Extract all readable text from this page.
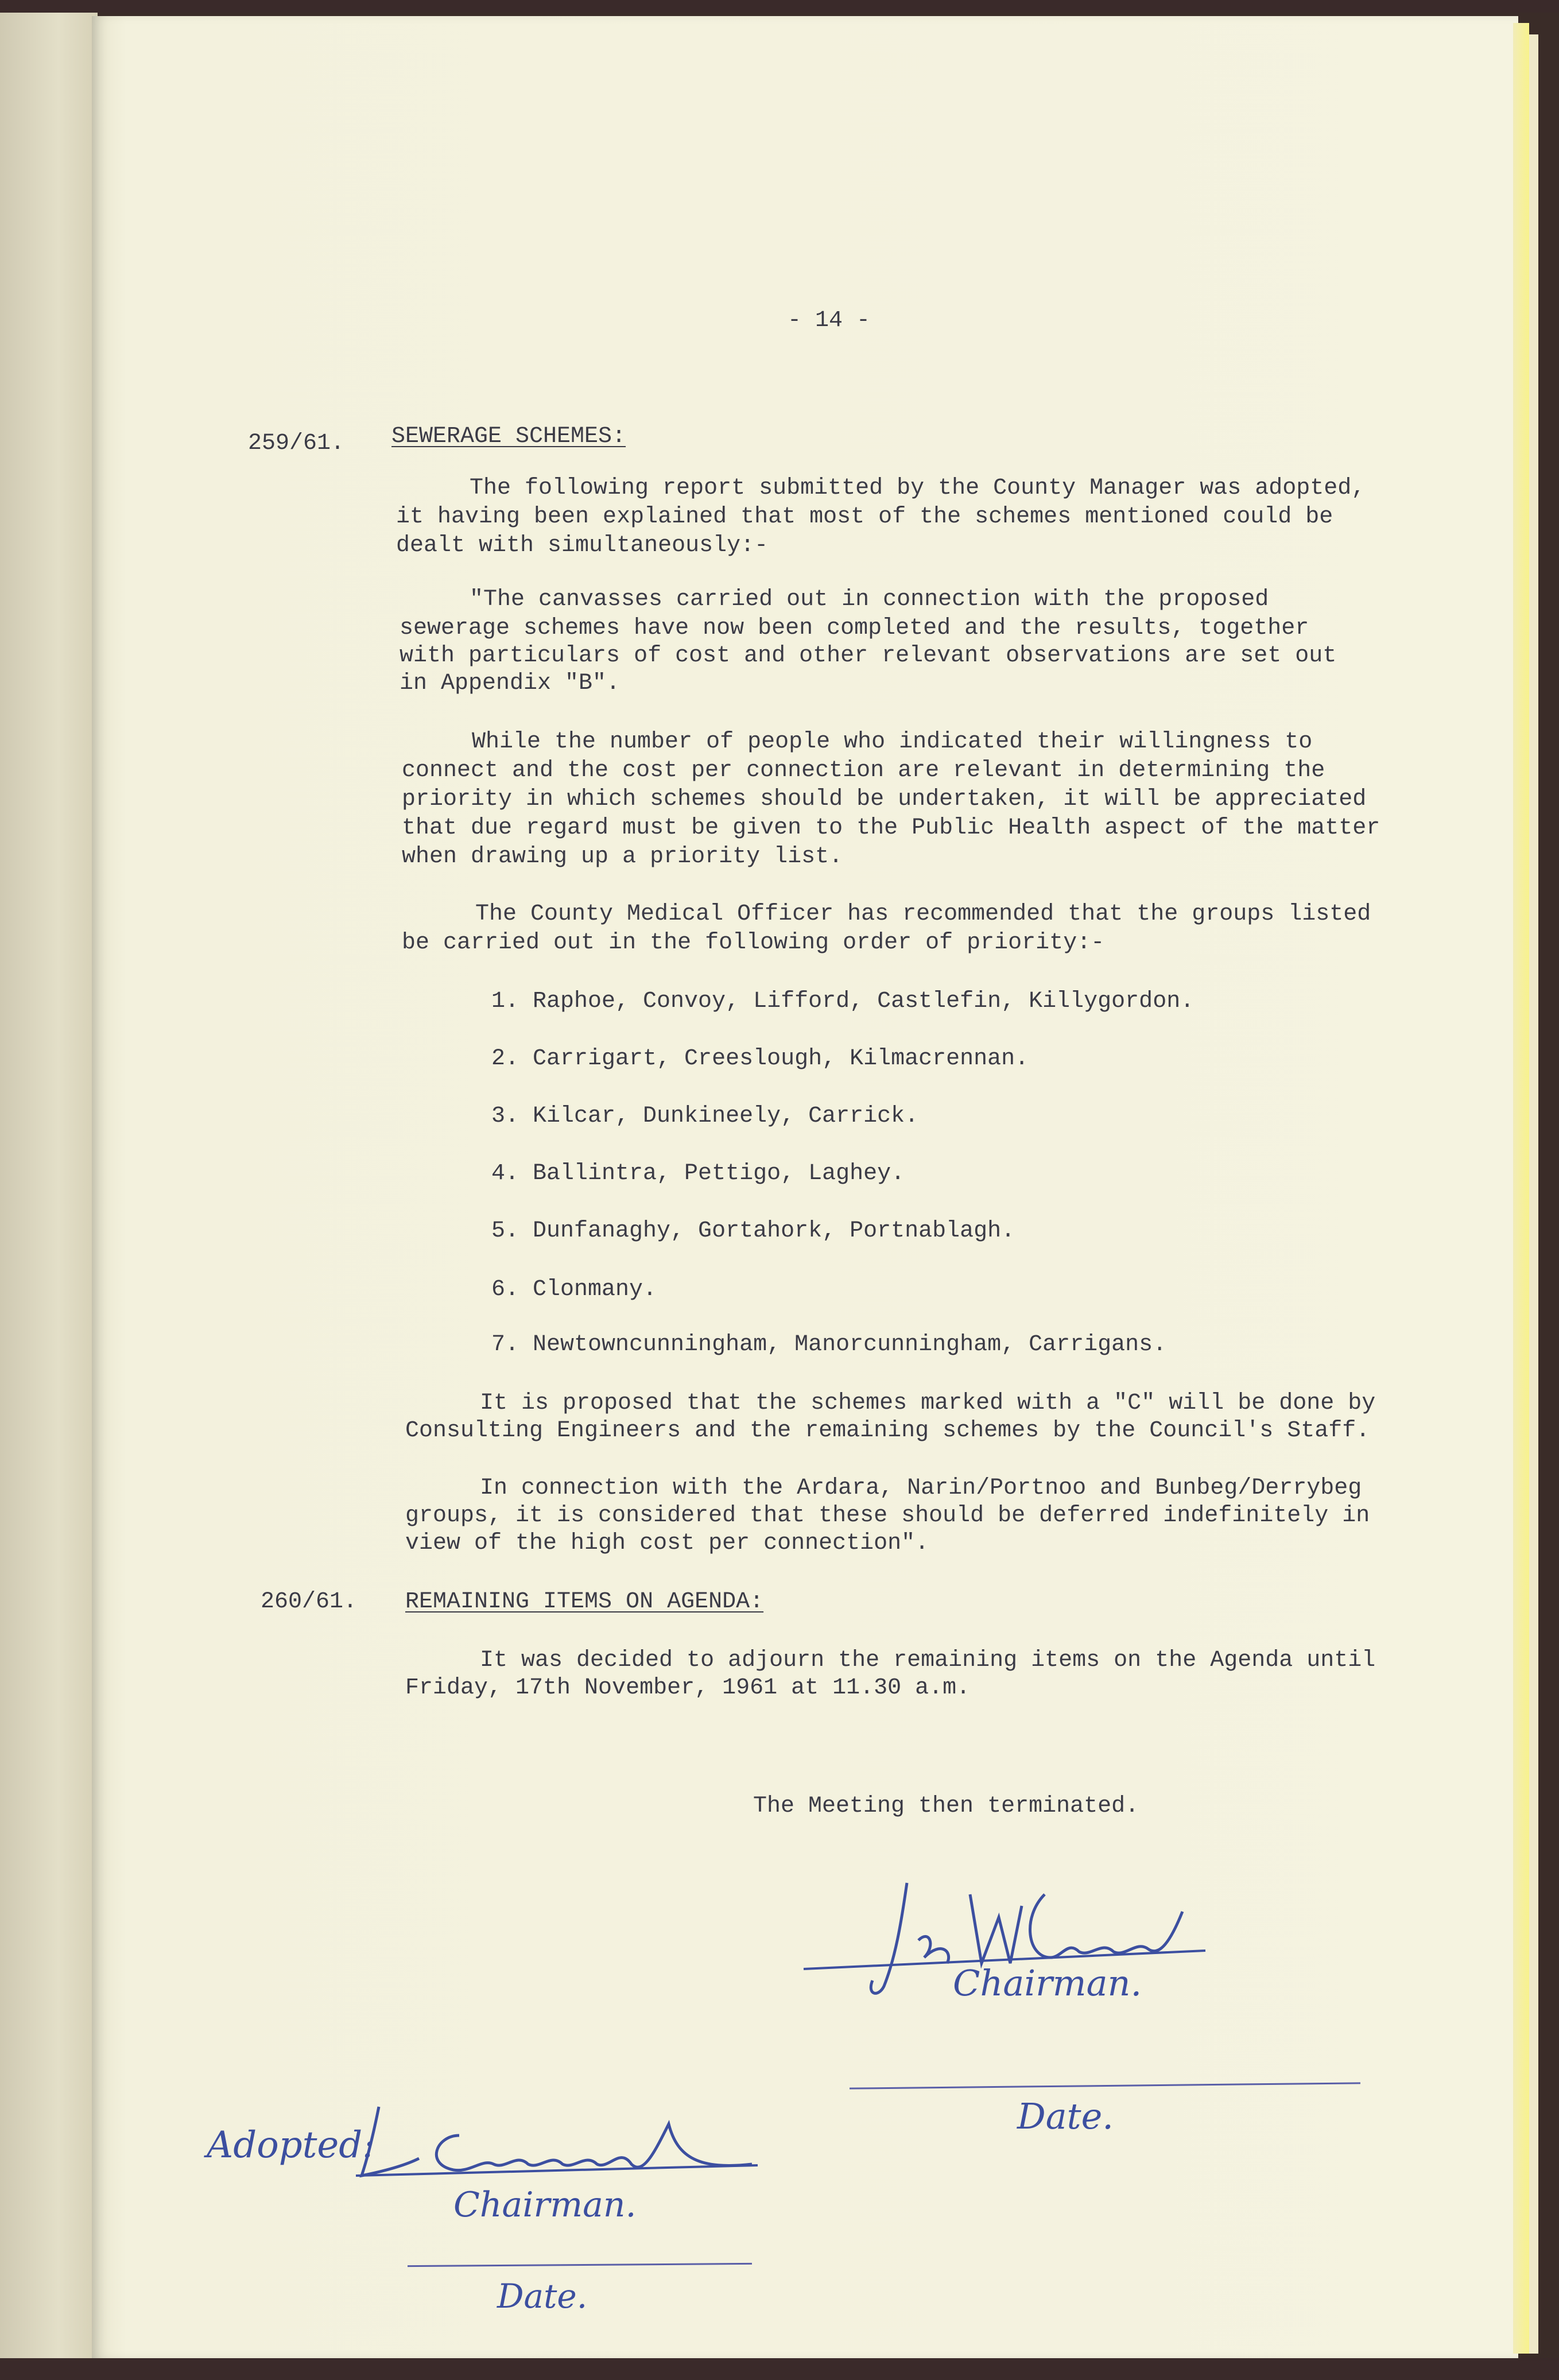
- 14 -

259/61. SEWERAGE SCHEMES:

The following report submitted by the County Manager was adopted,

it having been explained that most of the schemes mentioned could be

dealt with simultaneously:-

"The canvasses carried out in connection with the proposed

sewerage schemes have now been completed and the results, together

with particulars of cost and other relevant observations are set out

in Appendix "B".

While the number of people who indicated their willingness to

connect and the cost per connection are relevant in determining the

priority in which schemes should be undertaken, it will be appreciated

that due regard must be given to the Public Health aspect of the matter

when drawing up a priority list.

The County Medical Officer has recommended that the groups listed

be carried out in the following order of priority:-

1. Raphoe, Convoy, Lifford, Castlefin, Killygordon.

2. Carrigart, Creeslough, Kilmacrennan.

3. Kilcar, Dunkineely, Carrick.

4. Ballintra, Pettigo, Laghey.

5. Dunfanaghy, Gortahork, Portnablagh.

6. Clonmany.

7. Newtowncunningham, Manorcunningham, Carrigans.

It is proposed that the schemes marked with a "C" will be done by

Consulting Engineers and the remaining schemes by the Council's Staff.

In connection with the Ardara, Narin/Portnoo and Bunbeg/Derrybeg

groups, it is considered that these should be deferred indefinitely in

view of the high cost per connection".

260/61. REMAINING ITEMS ON AGENDA:

It was decided to adjourn the remaining items on the Agenda until

Friday, 17th November, 1961 at 11.30 a.m.

The Meeting then terminated.

Chairman.
Date.
Adopted:
Chairman.
Date.
